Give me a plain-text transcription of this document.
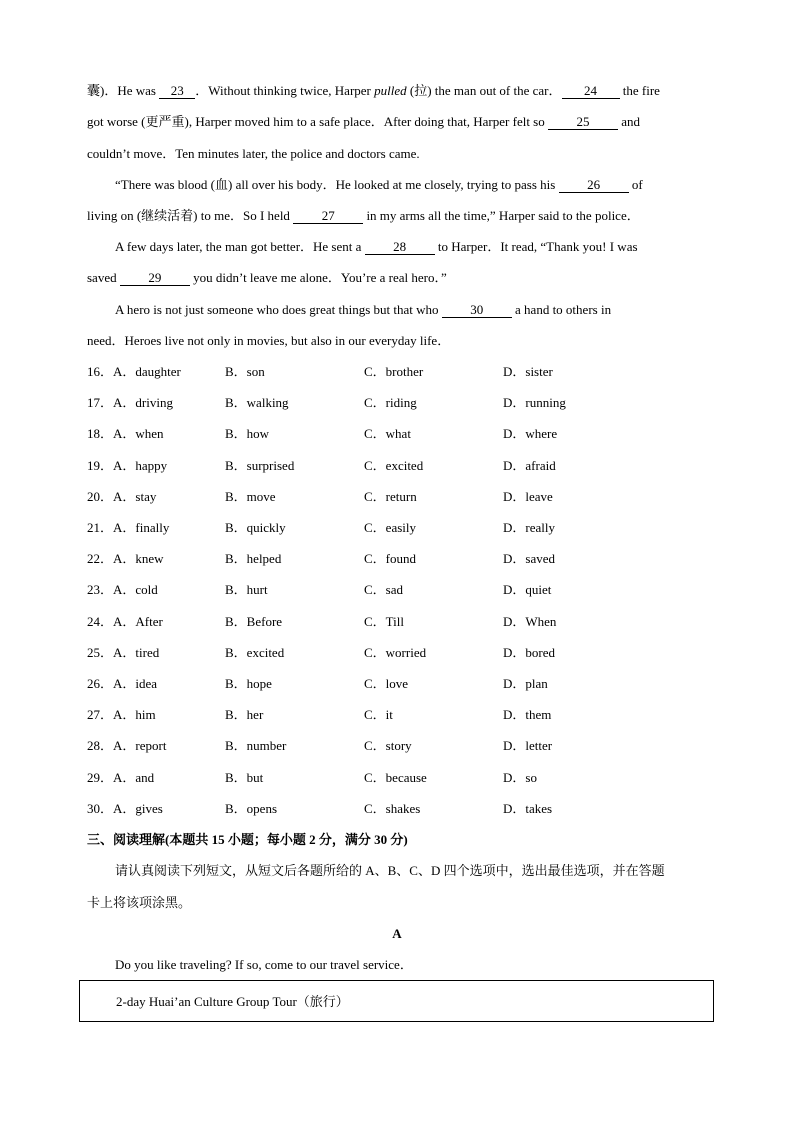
囊)．He was 23 ．Without thinking twice, Harper pulled (拉) the man out of the car． 24 the fire
got worse (更严重), Harper moved him to a safe place．After doing that, Harper felt so 25 and
couldn’t move．Ten minutes later, the police and doctors came.
“There was blood (血) all over his body．He looked at me closely, trying to pass his 26 of
living on (继续活着) to me．So I held 27 in my arms all the time,” Harper said to the police．
A few days later, the man got better．He sent a 28 to Harper．It read, “Thank you! I was
saved 29 you didn’t leave me alone．You’re a real hero．”
A hero is not just someone who does great things but that who 30 a hand to others in
need．Heroes live not only in movies, but also in our everyday life．
16．A．daughter	B．son	C．brother	D．sister
17．A．driving	B．walking	C．riding	D．running
18．A．when	B．how	C．what	D．where
19．A．happy	B．surprised	C．excited	D．afraid
20．A．stay	B．move	C．return	D．leave
21．A．finally	B．quickly	C．easily	D．really
22．A．knew	B．helped	C．found	D．saved
23．A．cold	B．hurt	C．sad	D．quiet
24．A．After	B．Before	C．Till	D．When
25．A．tired	B．excited	C．worried	D．bored
26．A．idea	B．hope	C．love	D．plan
27．A．him	B．her	C．it	D．them
28．A．report	B．number	C．story	D．letter
29．A．and	B．but	C．because	D．so
30．A．gives	B．opens	C．shakes	D．takes
三、阅读理解(本题共 15 小题；每小题 2 分，满分 30 分)
请认真阅读下列短文，从短文后各题所给的 A、B、C、D 四个选项中，选出最佳选项，并在答题
卡上将该项涂黑。
A
Do you like traveling? If so, come to our travel service．
2-day Huai’an Culture Group Tour（旅行）
